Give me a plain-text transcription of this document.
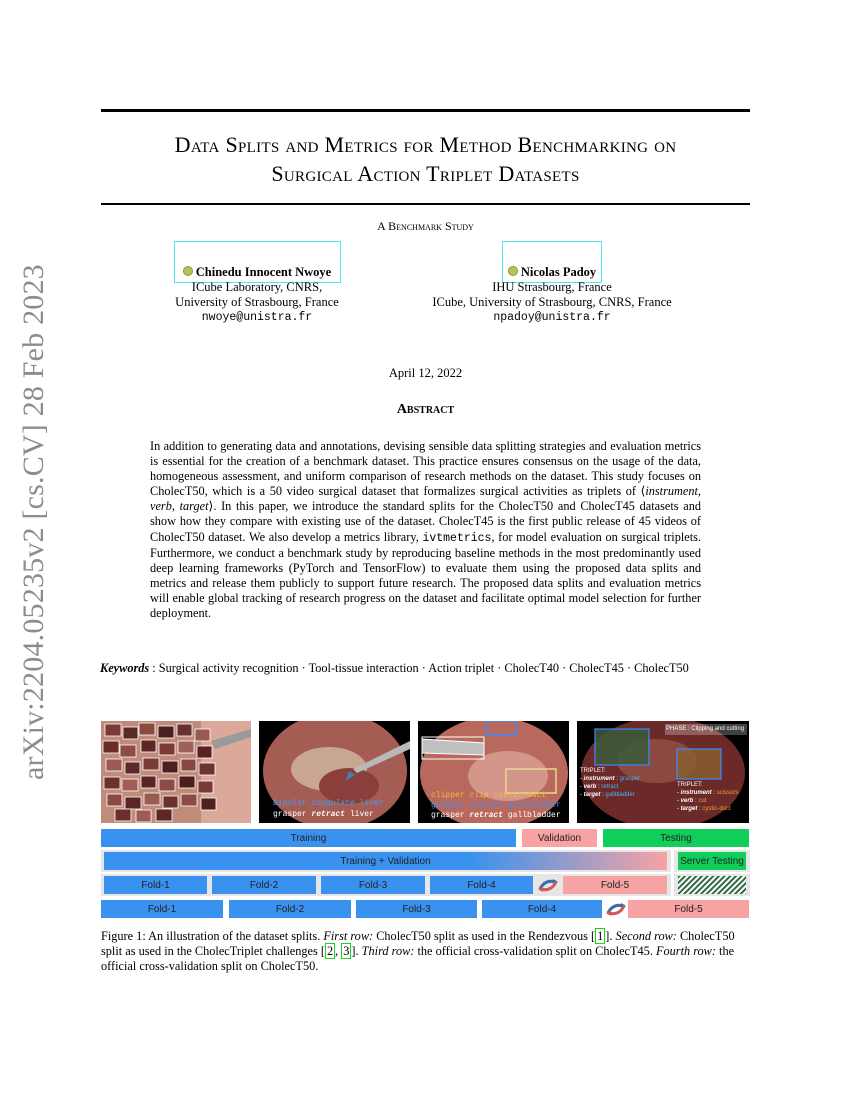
arXiv:2204.05235v2 [cs.CV] 28 Feb 2023
Data Splits and Metrics for Method Benchmarking on
Surgical Action Triplet Datasets
A Benchmark Study
Chinedu Innocent Nwoye
ICube Laboratory, CNRS,
University of Strasbourg, France
nwoye@unistra.fr
Nicolas Padoy
IHU Strasbourg, France
ICube, University of Strasbourg, CNRS, France
npadoy@unistra.fr
April 12, 2022
Abstract
In addition to generating data and annotations, devising sensible data splitting strategies and evaluation metrics is essential for the creation of a benchmark dataset. This practice ensures consensus on the usage of the data, homogeneous assessment, and uniform comparison of research methods on the dataset. This study focuses on CholecT50, which is a 50 video surgical dataset that formalizes surgical activities as triplets of ⟨instrument, verb, target⟩. In this paper, we introduce the standard splits for the CholecT50 and CholecT45 datasets and show how they compare with existing use of the dataset. CholecT45 is the first public release of 45 videos of CholecT50 dataset. We also develop a metrics library, ivtmetrics, for model evaluation on surgical triplets. Furthermore, we conduct a benchmark study by reproducing baseline methods in the most predominantly used deep learning frameworks (PyTorch and TensorFlow) to evaluate them using the proposed data splits and metrics and release them publicly to support future research. The proposed data splits and evaluation metrics will enable global tracking of research progress on the dataset and facilitate optimal model selection for further deployment.
Keywords : Surgical activity recognition · Tool-tissue interaction · Action triplet · CholecT40 · CholecT45 · CholecT50
bipolar coagulate liver
grasper retract liver
clipper clip cystic-duct
grasper retract gallbladder
grasper retract gallbladder
PHASE : Clipping and cutting
TRIPLET:
- instrument : grasper
- verb : retract
- target : gallbladder
TRIPLET:
- instrument : scissors
- verb : cut
- target : cystic-duct
Training	Validation	Testing
Training + Validation	Server Testing
Fold-1	Fold-2	Fold-3	Fold-4	Fold-5
Fold-1	Fold-2	Fold-3	Fold-4	Fold-5
Figure 1: An illustration of the dataset splits. First row: CholecT50 split as used in the Rendezvous [ 1 ]. Second row: CholecT50 split as used in the CholecTriplet challenges [ 2 , 3 ]. Third row: the official cross-validation split on CholecT45. Fourth row: the official cross-validation split on CholecT50.
